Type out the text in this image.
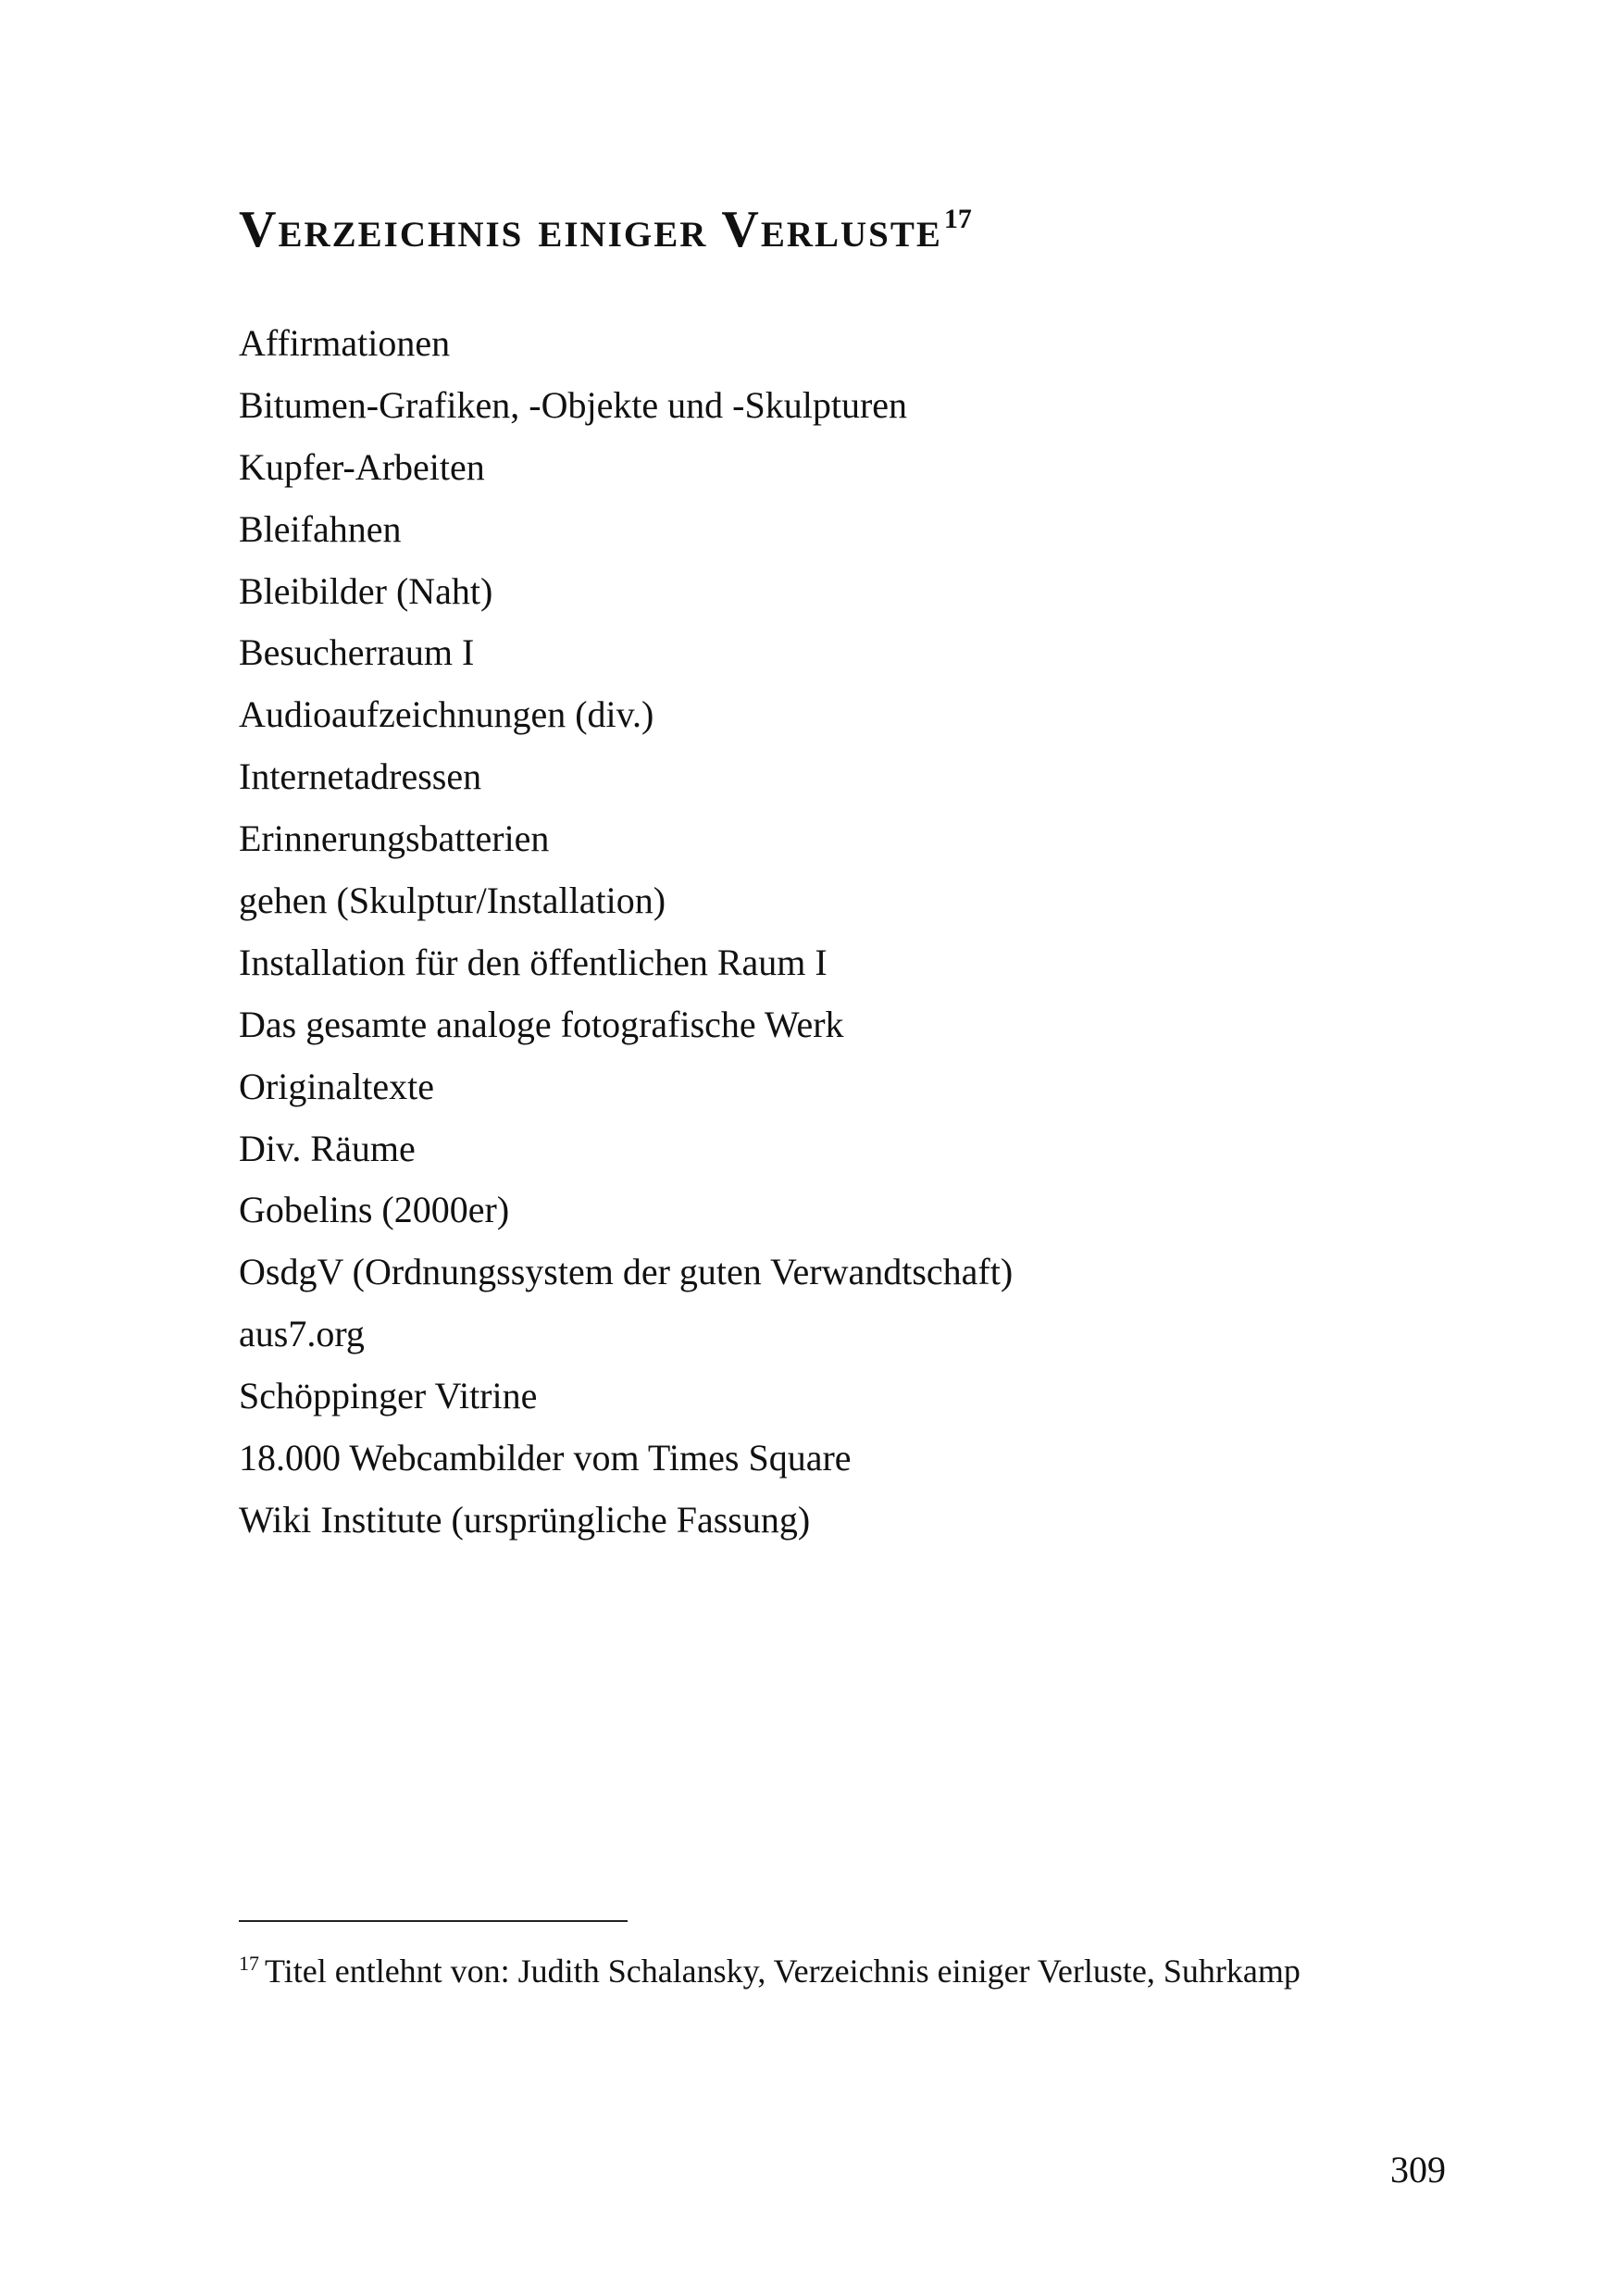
Verzeichnis einiger Verluste$^{17}$
Affirmationen
Bitumen-Grafiken, -Objekte und -Skulpturen
Kupfer-Arbeiten
Bleifahnen
Bleibilder (Naht)
Besucherraum I
Audioaufzeichnungen (div.)
Internetadressen
Erinnerungsbatterien
gehen (Skulptur/Installation)
Installation für den öffentlichen Raum I
Das gesamte analoge fotografische Werk
Originaltexte
Div. Räume
Gobelins (2000er)
OsdgV (Ordnungssystem der guten Verwandtschaft)
aus7.org
Schöppinger Vitrine
18.000 Webcambilder vom Times Square
Wiki Institute (ursprüngliche Fassung)
$^{17}$ Titel entlehnt von: Judith Schalansky, Verzeichnis einiger Verluste, Suhrkamp
309
